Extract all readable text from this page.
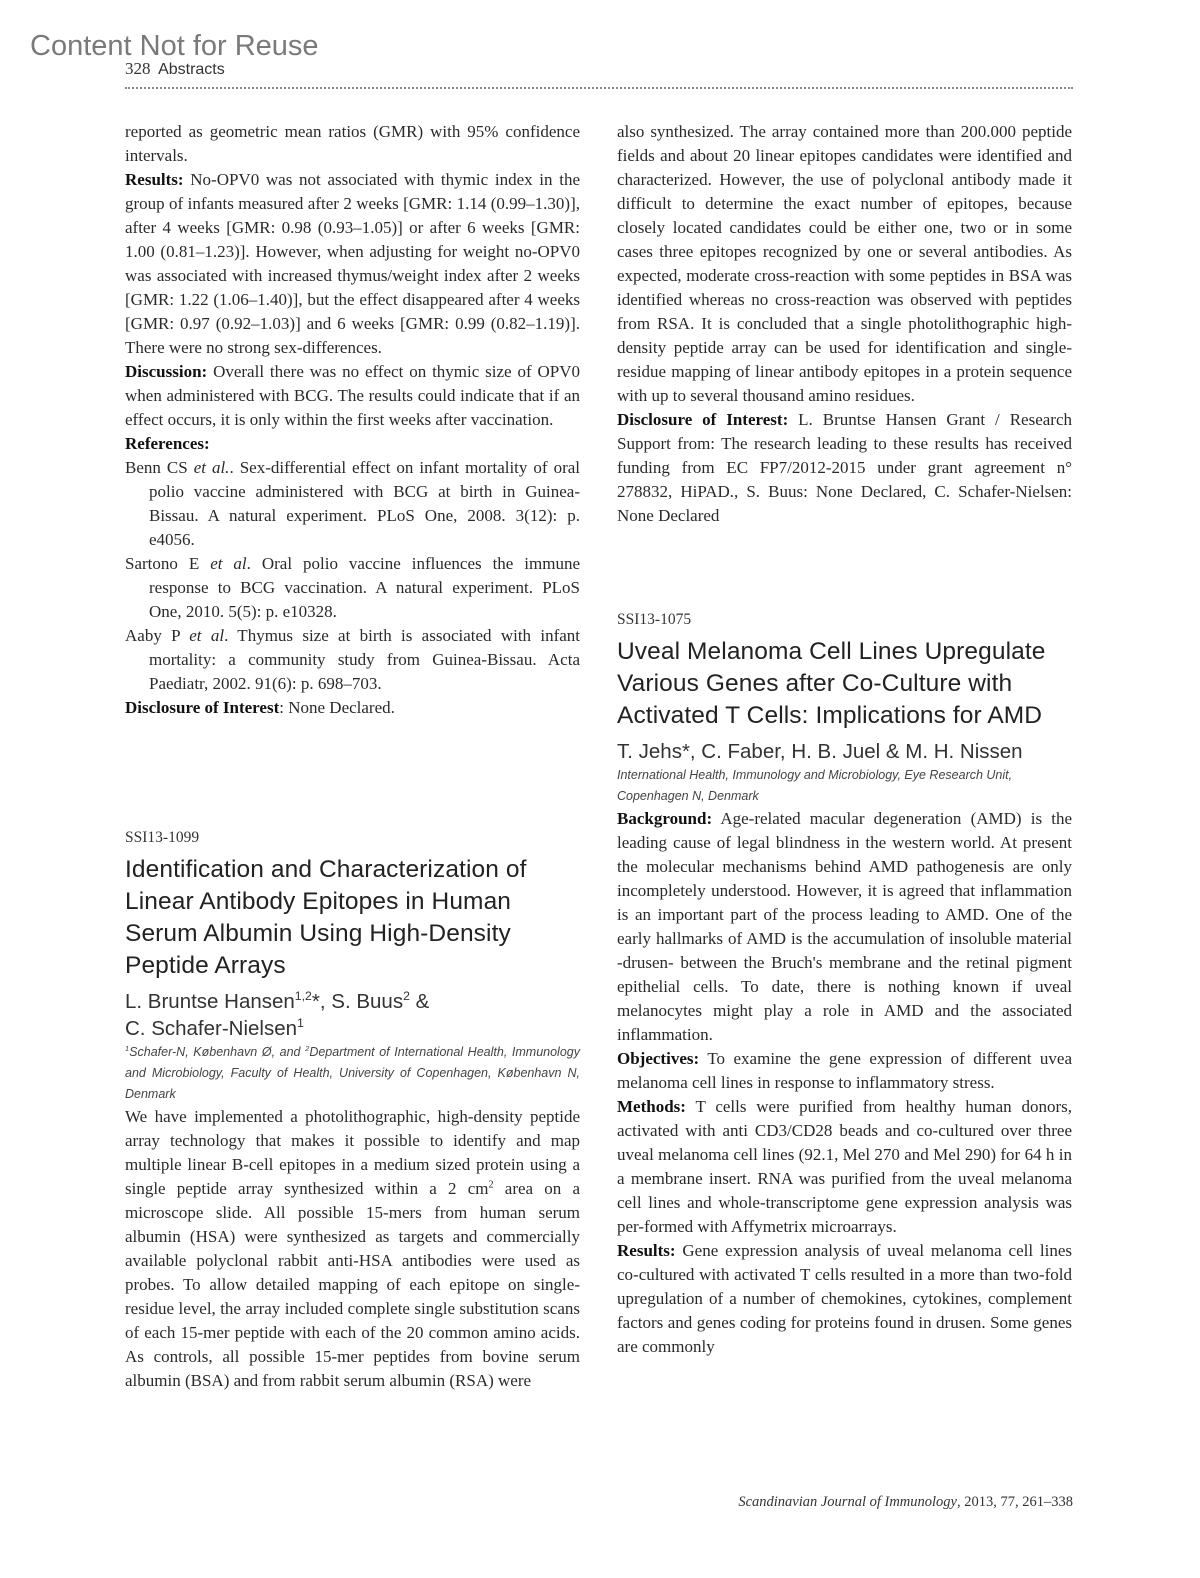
Content Not for Reuse
328 Abstracts

reported as geometric mean ratios (GMR) with 95% confidence intervals.

Results: No-OPV0 was not associated with thymic index in the group of infants measured after 2 weeks [GMR: 1.14 (0.99–1.30)], after 4 weeks [GMR: 0.98 (0.93–1.05)] or after 6 weeks [GMR: 1.00 (0.81–1.23)]. However, when adjusting for weight no-OPV0 was associated with increased thymus/weight index after 2 weeks [GMR: 1.22 (1.06–1.40)], but the effect disappeared after 4 weeks [GMR: 0.97 (0.92–1.03)] and 6 weeks [GMR: 0.99 (0.82–1.19)]. There were no strong sex-differences.

Discussion: Overall there was no effect on thymic size of OPV0 when administered with BCG. The results could indicate that if an effect occurs, it is only within the first weeks after vaccination.

References:

Benn CS et al.. Sex-differential effect on infant mortality of oral polio vaccine administered with BCG at birth in Guinea-Bissau. A natural experiment. PLoS One, 2008. 3(12): p. e4056.

Sartono E et al. Oral polio vaccine influences the immune response to BCG vaccination. A natural experiment. PLoS One, 2010. 5(5): p. e10328.

Aaby P et al. Thymus size at birth is associated with infant mortality: a community study from Guinea-Bissau. Acta Paediatr, 2002. 91(6): p. 698–703.

Disclosure of Interest: None Declared.

SSI13-1099

Identification and Characterization of Linear Antibody Epitopes in Human Serum Albumin Using High-Density Peptide Arrays

L. Bruntse Hansen$^{1,2}$*, S. Buus$^2$ &
C. Schafer-Nielsen$^1$

$^1$Schafer-N, København Ø, and $^2$Department of International Health, Immunology and Microbiology, Faculty of Health, University of Copenhagen, København N, Denmark

We have implemented a photolithographic, high-density peptide array technology that makes it possible to identify and map multiple linear B-cell epitopes in a medium sized protein using a single peptide array synthesized within a 2 $cm^2$ area on a microscope slide. All possible 15-mers from human serum albumin (HSA) were synthesized as targets and commercially available polyclonal rabbit anti-HSA antibodies were used as probes. To allow detailed mapping of each epitope on single-residue level, the array included complete single substitution scans of each 15-mer peptide with each of the 20 common amino acids. As controls, all possible 15-mer peptides from bovine serum albumin (BSA) and from rabbit serum albumin (RSA) were

also synthesized. The array contained more than 200.000 peptide fields and about 20 linear epitopes candidates were identified and characterized. However, the use of polyclonal antibody made it difficult to determine the exact number of epitopes, because closely located candidates could be either one, two or in some cases three epitopes recognized by one or several antibodies. As expected, moderate cross-reaction with some peptides in BSA was identified whereas no cross-reaction was observed with peptides from RSA. It is concluded that a single photolithographic high-density peptide array can be used for identification and single-residue mapping of linear antibody epitopes in a protein sequence with up to several thousand amino residues.

Disclosure of Interest: L. Bruntse Hansen Grant / Research Support from: The research leading to these results has received funding from EC FP7/2012-2015 under grant agreement n° 278832, HiPAD., S. Buus: None Declared, C. Schafer-Nielsen: None Declared

SSI13-1075

Uveal Melanoma Cell Lines Upregulate Various Genes after Co-Culture with Activated T Cells: Implications for AMD

T. Jehs*, C. Faber, H. B. Juel & M. H. Nissen

International Health, Immunology and Microbiology, Eye Research Unit, Copenhagen N, Denmark

Background: Age-related macular degeneration (AMD) is the leading cause of legal blindness in the western world. At present the molecular mechanisms behind AMD pathogenesis are only incompletely understood. However, it is agreed that inflammation is an important part of the process leading to AMD. One of the early hallmarks of AMD is the accumulation of insoluble material -drusen- between the Bruch's membrane and the retinal pigment epithelial cells. To date, there is nothing known if uveal melanocytes might play a role in AMD and the associated inflammation.

Objectives: To examine the gene expression of different uvea melanoma cell lines in response to inflammatory stress.

Methods: T cells were purified from healthy human donors, activated with anti CD3/CD28 beads and co-cultured over three uveal melanoma cell lines (92.1, Mel 270 and Mel 290) for 64 h in a membrane insert. RNA was purified from the uveal melanoma cell lines and whole-transcriptome gene expression analysis was per-formed with Affymetrix microarrays.

Results: Gene expression analysis of uveal melanoma cell lines co-cultured with activated T cells resulted in a more than two-fold upregulation of a number of chemokines, cytokines, complement factors and genes coding for proteins found in drusen. Some genes are commonly

Scandinavian Journal of Immunology, 2013, 77, 261–338
